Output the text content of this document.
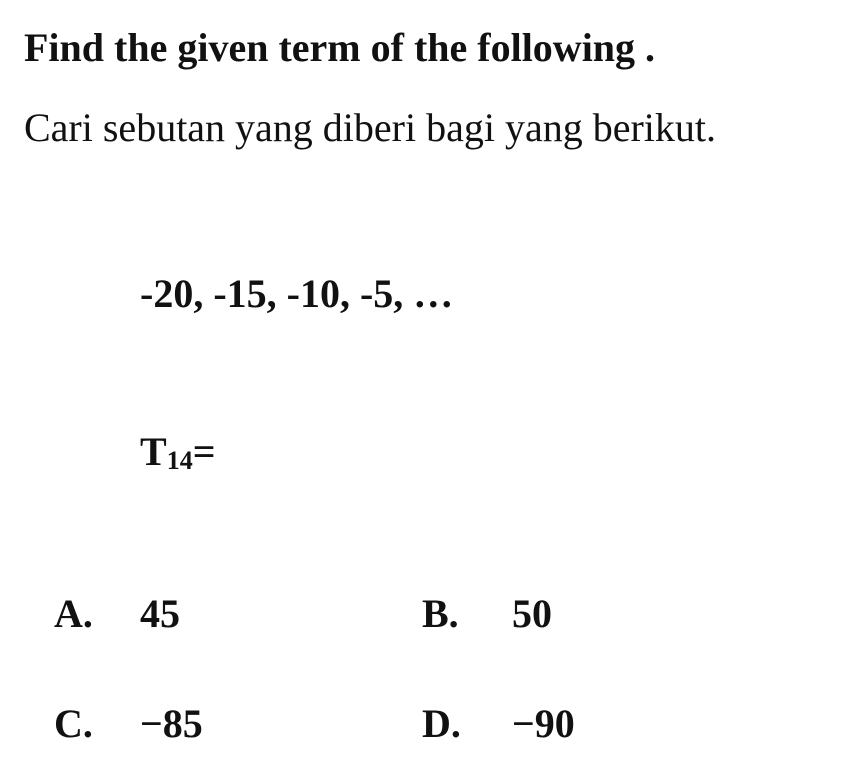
Find the given term of the following .
Cari sebutan yang diberi bagi yang berikut.
-20, -15, -10, -5, …
T14=
A. 45	B. 50
C. −85	D. −90
